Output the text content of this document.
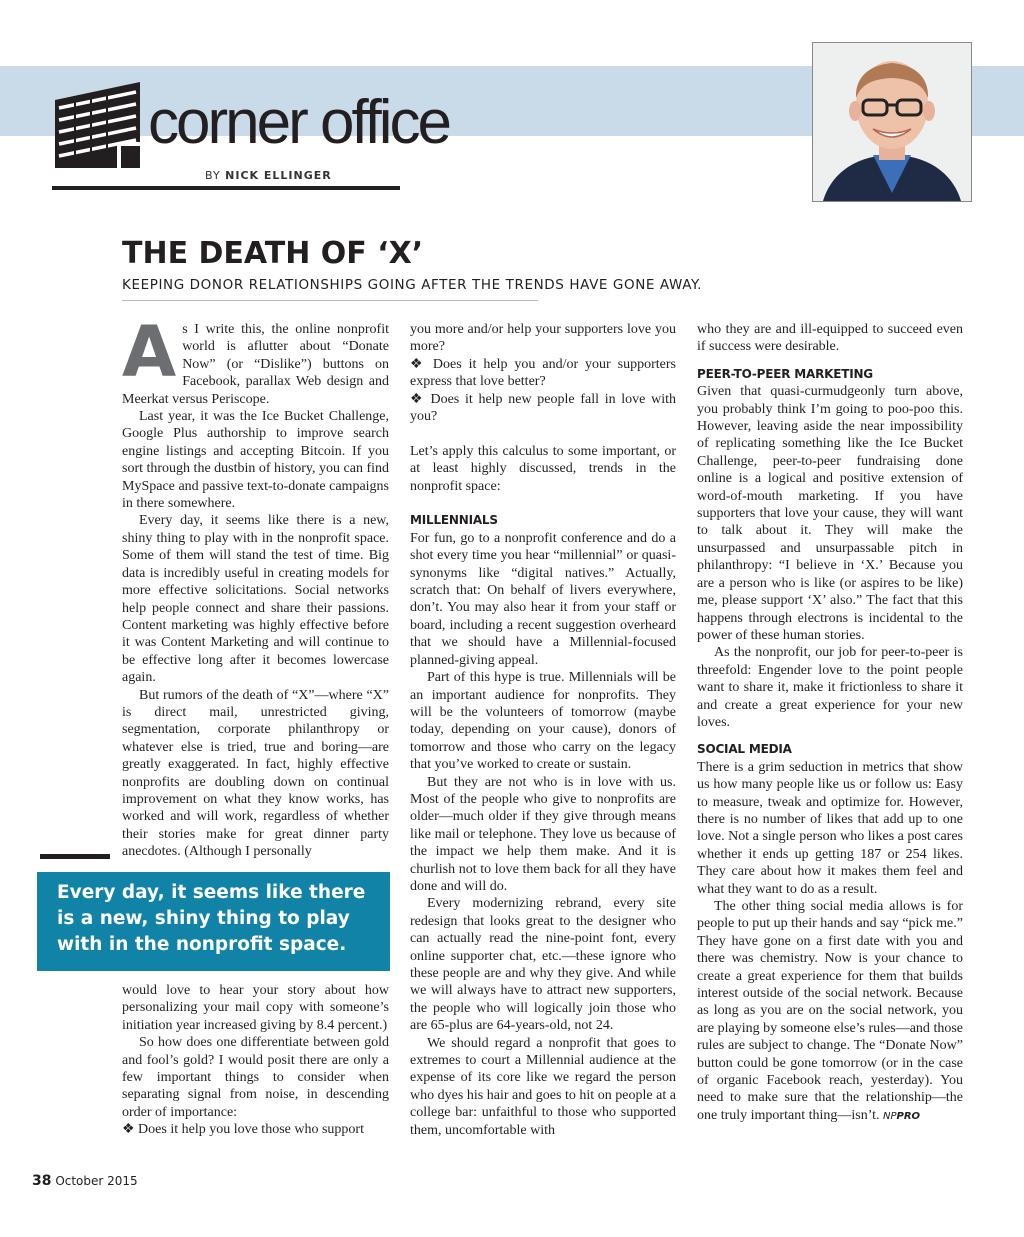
corner office
BY NICK ELLINGER
THE DEATH OF ‘X’
KEEPING DONOR RELATIONSHIPS GOING AFTER THE TRENDS HAVE GONE AWAY.
A s I write this, the online nonprofit world is aflutter about “Donate Now” (or “Dislike”) buttons on Facebook, parallax Web design and Meerkat versus Periscope.

Last year, it was the Ice Bucket Challenge, Google Plus authorship to improve search engine listings and accepting Bitcoin. If you sort through the dustbin of history, you can find MySpace and passive text-to-donate campaigns in there somewhere.

Every day, it seems like there is a new, shiny thing to play with in the nonprofit space. Some of them will stand the test of time. Big data is incredibly useful in creating models for more effective solicitations. Social networks help people connect and share their passions. Content marketing was highly effective before it was Content Marketing and will continue to be effective long after it becomes lowercase again.

But rumors of the death of “X”—where “X” is direct mail, unrestricted giving, segmentation, corporate philanthropy or whatever else is tried, true and boring—are greatly exaggerated. In fact, highly effective nonprofits are doubling down on continual improvement on what they know works, has worked and will work, regardless of whether their stories make for great dinner party anecdotes. (Although I personally

Every day, it seems like there is a new, shiny thing to play with in the nonprofit space.

would love to hear your story about how personalizing your mail copy with someone’s initiation year increased giving by 8.4 percent.)

So how does one differentiate between gold and fool’s gold? I would posit there are only a few important things to consider when separating signal from noise, in descending order of importance:

❖ Does it help you love those who support

you more and/or help your supporters love you more?

❖ Does it help you and/or your supporters express that love better?

❖ Does it help new people fall in love with you?

Let’s apply this calculus to some important, or at least highly discussed, trends in the nonprofit space:

MILLENNIALS

For fun, go to a nonprofit conference and do a shot every time you hear “millennial” or quasi-synonyms like “digital natives.” Actually, scratch that: On behalf of livers everywhere, don’t. You may also hear it from your staff or board, including a recent suggestion overheard that we should have a Millennial-focused planned-giving appeal.

Part of this hype is true. Millennials will be an important audience for nonprofits. They will be the volunteers of tomorrow (maybe today, depending on your cause), donors of tomorrow and those who carry on the legacy that you’ve worked to create or sustain.

But they are not who is in love with us. Most of the people who give to nonprofits are older—much older if they give through means like mail or telephone. They love us because of the impact we help them make. And it is churlish not to love them back for all they have done and will do.

Every modernizing rebrand, every site redesign that looks great to the designer who can actually read the nine-point font, every online supporter chat, etc.—these ignore who these people are and why they give. And while we will always have to attract new supporters, the people who will logically join those who are 65-plus are 64-years-old, not 24.

We should regard a nonprofit that goes to extremes to court a Millennial audience at the expense of its core like we regard the person who dyes his hair and goes to hit on people at a college bar: unfaithful to those who supported them, uncomfortable with

who they are and ill-equipped to succeed even if success were desirable.

PEER-TO-PEER MARKETING

Given that quasi-curmudgeonly turn above, you probably think I’m going to poo-poo this. However, leaving aside the near impossibility of replicating something like the Ice Bucket Challenge, peer-to-peer fundraising done online is a logical and positive extension of word-of-mouth marketing. If you have supporters that love your cause, they will want to talk about it. They will make the unsurpassed and unsurpassable pitch in philanthropy: “I believe in ‘X.’ Because you are a person who is like (or aspires to be like) me, please support ‘X’ also.” The fact that this happens through electrons is incidental to the power of these human stories.

As the nonprofit, our job for peer-to-peer is threefold: Engender love to the point people want to share it, make it frictionless to share it and create a great experience for your new loves.

SOCIAL MEDIA

There is a grim seduction in metrics that show us how many people like us or follow us: Easy to measure, tweak and optimize for. However, there is no number of likes that add up to one love. Not a single person who likes a post cares whether it ends up getting 187 or 254 likes. They care about how it makes them feel and what they want to do as a result.

The other thing social media allows is for people to put up their hands and say “pick me.” They have gone on a first date with you and there was chemistry. Now is your chance to create a great experience for them that builds interest outside of the social network. Because as long as you are on the social network, you are playing by someone else’s rules—and those rules are subject to change. The “Donate Now” button could be gone tomorrow (or in the case of organic Facebook reach, yesterday). You need to make sure that the relationship—the one truly important thing—isn’t. NPPRO

38 October 2015
